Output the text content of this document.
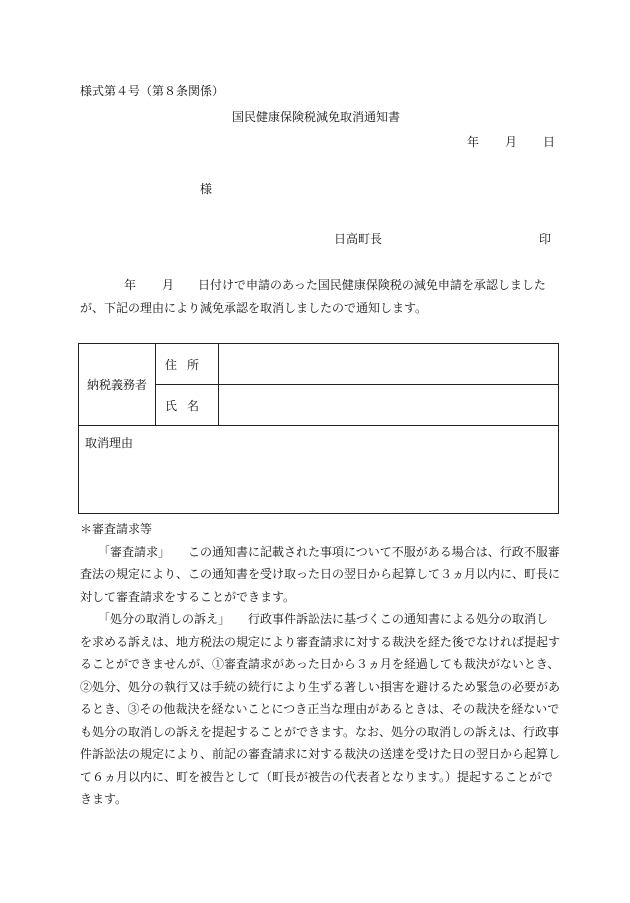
様式第４号（第８条関係）
国民健康保険税減免取消通知書
年 月 日
様
日高町長	印
年 月 日付けで申請のあった国民健康保険税の減免申請を承認しました
が、下記の理由により減免承認を取消しましたので通知します。
納税義務者	住所	
	氏名	
取消理由		

＊審査請求等

「審査請求」 この通知書に記載された事項について不服がある場合は、行政不服審査法の規定により、この通知書を受け取った日の翌日から起算して３ヵ月以内に、町長に対して審査請求をすることができます。

「処分の取消しの訴え」 行政事件訴訟法に基づくこの通知書による処分の取消しを求める訴えは、地方税法の規定により審査請求に対する裁決を経た後でなければ提起することができませんが、①審査請求があった日から３ヵ月を経過しても裁決がないとき、②処分、処分の執行又は手続の続行により生ずる著しい損害を避けるため緊急の必要があるとき、③その他裁決を経ないことにつき正当な理由があるときは、その裁決を経ないでも処分の取消しの訴えを提起することができます。なお、処分の取消しの訴えは、行政事件訴訟法の規定により、前記の審査請求に対する裁決の送達を受けた日の翌日から起算して６ヵ月以内に、町を被告として（町長が被告の代表者となります。）提起することができます。
